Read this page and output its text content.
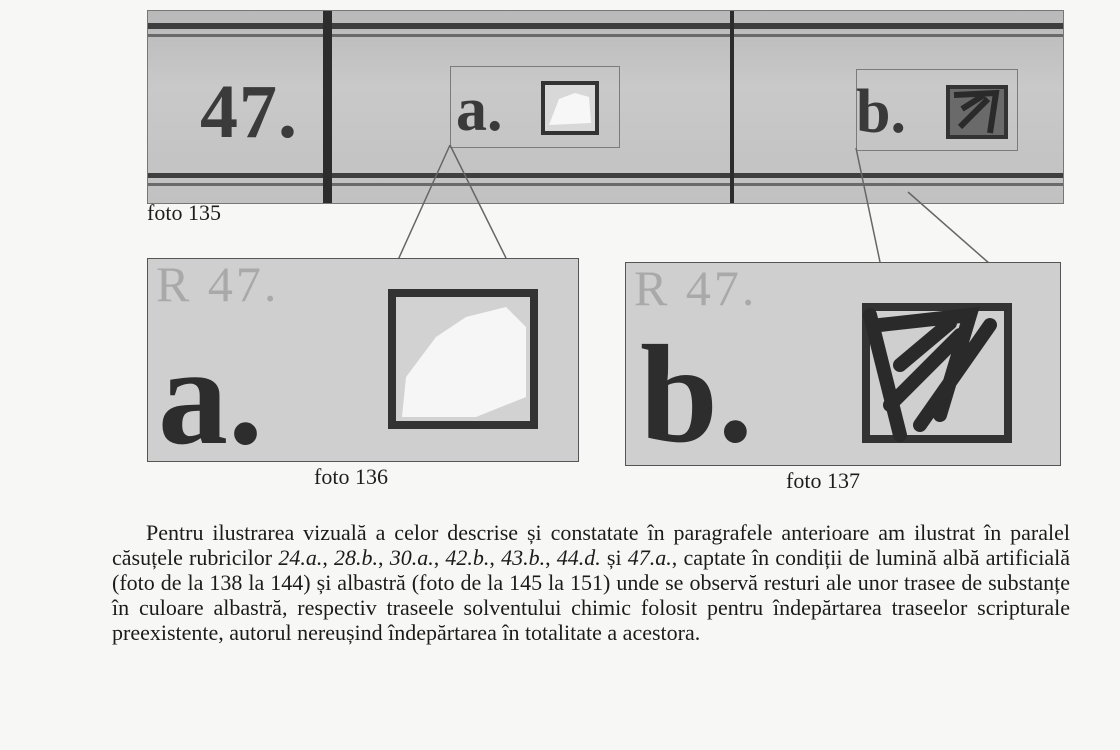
47.	a.	b.
foto 135
R 47.
a.
foto 136
R 47.
b.
foto 137

Pentru ilustrarea vizuală a celor descrise și constatate în paragrafele anterioare am ilustrat în paralel căsuțele rubricilor 24.a., 28.b., 30.a., 42.b., 43.b., 44.d. și 47.a., captate în condiții de lumină albă artificială (foto de la 138 la 144) și albastră (foto de la 145 la 151) unde se observă resturi ale unor trasee de substanțe în culoare albastră, respectiv traseele solventului chimic folosit pentru îndepărtarea traseelor scripturale preexistente, autorul nereușind îndepărtarea în totalitate a acestora.
